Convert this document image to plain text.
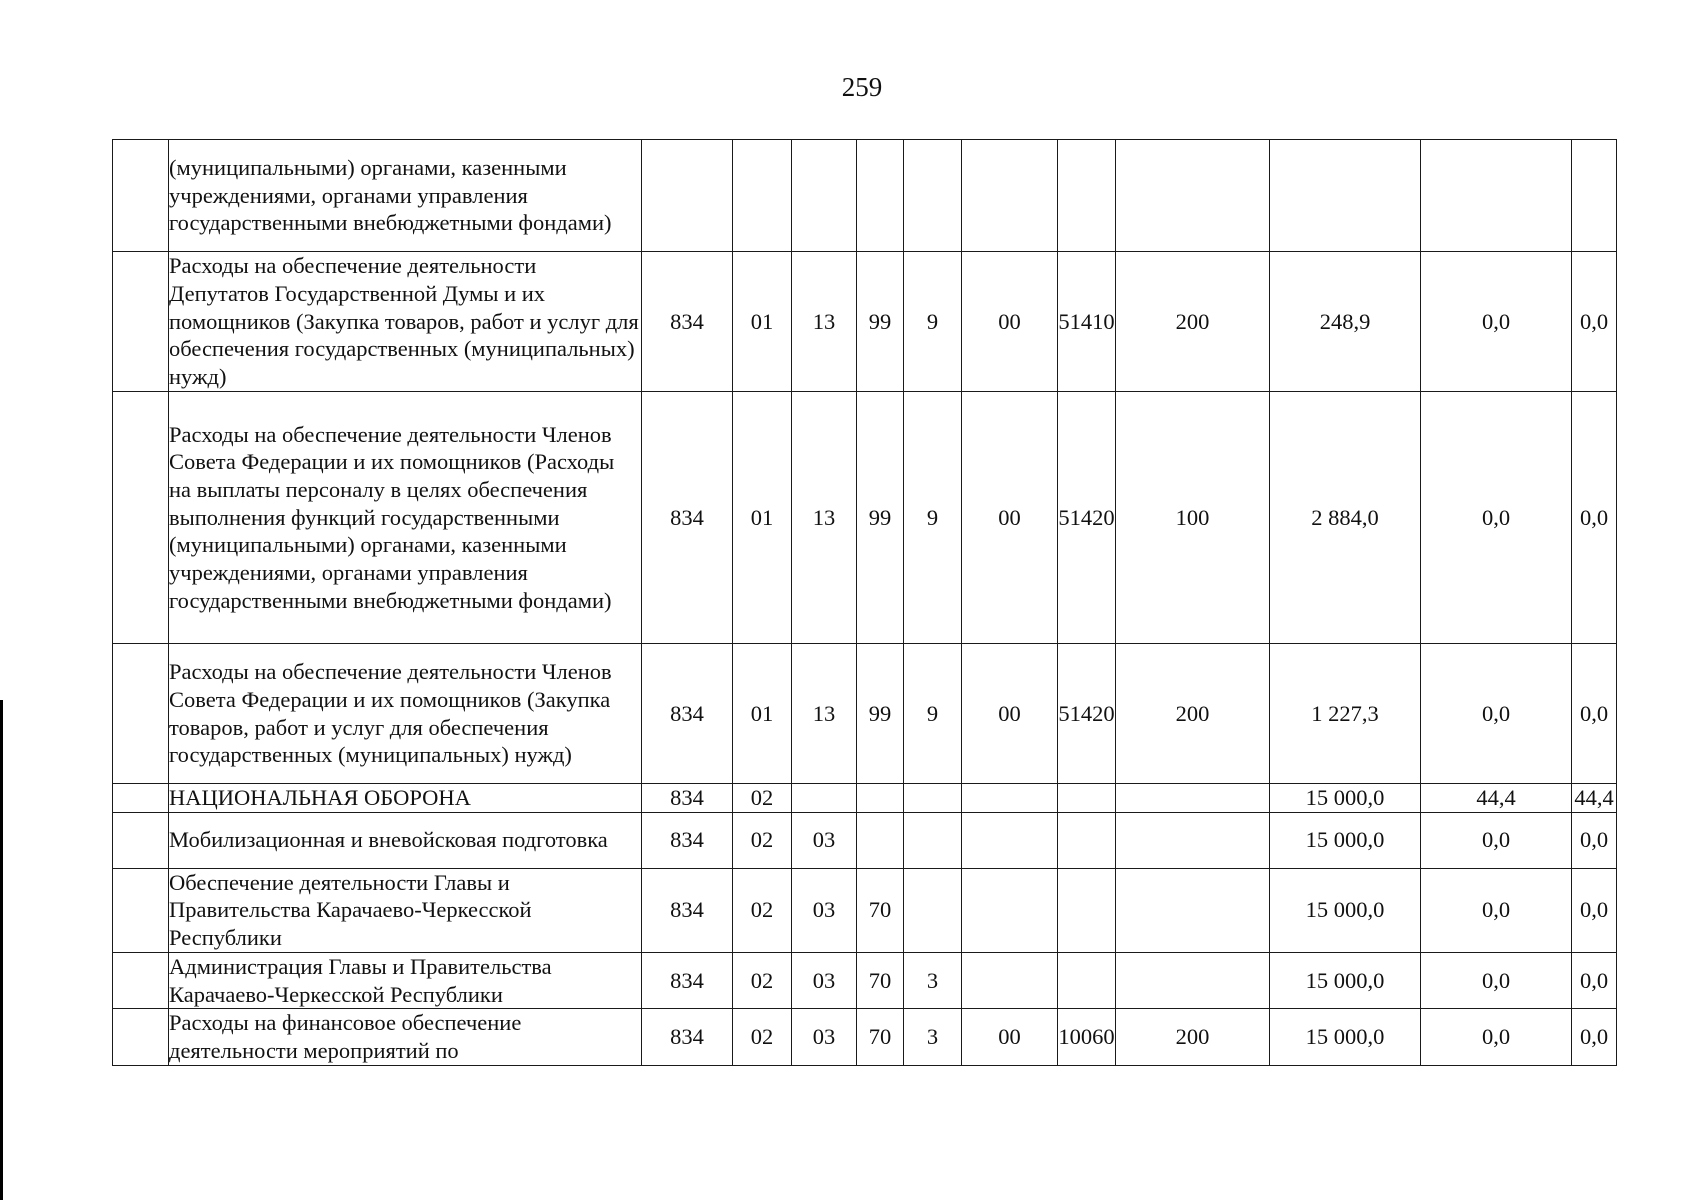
259
	(муниципальными) органами, казенными учреждениями, органами управления государственными внебюджетными фондами)											
	Расходы на обеспечение деятельности Депутатов Государственной Думы и их помощников (Закупка товаров, работ и услуг для обеспечения государственных (муниципальных) нужд)	834	01	13	99	9	00	51410	200	248,9	0,0	0,0
	Расходы на обеспечение деятельности Членов Совета Федерации и их помощников (Расходы на выплаты персоналу в целях обеспечения выполнения функций государственными (муниципальными) органами, казенными учреждениями, органами управления государственными внебюджетными фондами)	834	01	13	99	9	00	51420	100	2 884,0	0,0	0,0
	Расходы на обеспечение деятельности Членов Совета Федерации и их помощников (Закупка товаров, работ и услуг для обеспечения государственных (муниципальных) нужд)	834	01	13	99	9	00	51420	200	1 227,3	0,0	0,0
	НАЦИОНАЛЬНАЯ ОБОРОНА	834	02							15 000,0	44,4	44,4
	Мобилизационная и вневойсковая подготовка	834	02	03						15 000,0	0,0	0,0
	Обеспечение деятельности Главы и Правительства Карачаево-Черкесской Республики	834	02	03	70					15 000,0	0,0	0,0
	Администрация Главы и Правительства Карачаево-Черкесской Республики	834	02	03	70	3				15 000,0	0,0	0,0
	Расходы на финансовое обеспечение деятельности мероприятий по	834	02	03	70	3	00	10060	200	15 000,0	0,0	0,0
